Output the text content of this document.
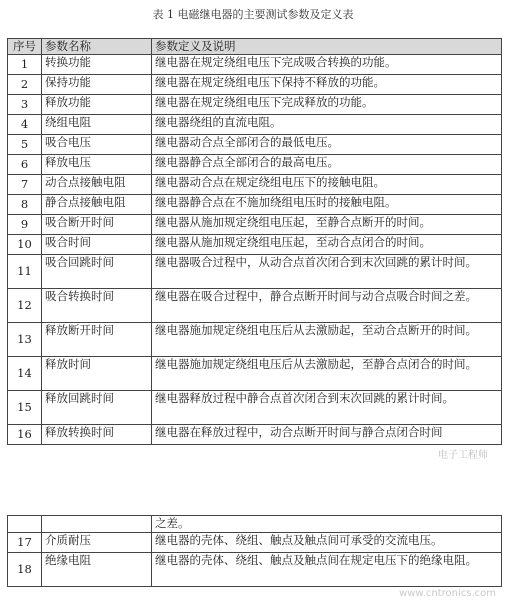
表 1 电磁继电器的主要测试参数及定义表
序号	参数名称	参数定义及说明
1	转换功能	继电器在规定绕组电压下完成吸合转换的功能。
2	保持功能	继电器在规定绕组电压下保持不释放的功能。
3	释放功能	继电器在规定绕组电压下完成释放的功能。
4	绕组电阻	继电器绕组的直流电阻。
5	吸合电压	继电器动合点全部闭合的最低电压。
6	释放电压	继电器静合点全部闭合的最高电压。
7	动合点接触电阻	继电器动合点在规定绕组电压下的接触电阻。
8	静合点接触电阻	继电器静合点在不施加绕组电压时的接触电阻。
9	吸合断开时间	继电器从施加规定绕组电压起，至静合点断开的时间。
10	吸合时间	继电器从施加规定绕组电压起，至动合点闭合的时间。
11	吸合回跳时间	继电器吸合过程中，从动合点首次闭合到末次回跳的累计时间。
12	吸合转换时间	继电器在吸合过程中，静合点断开时间与动合点吸合时间之差。
13	释放断开时间	继电器施加规定绕组电压后从去激励起，至动合点断开的时间。
14	释放时间	继电器施加规定绕组电压后从去激励起，至静合点闭合的时间。
15	释放回跳时间	继电器释放过程中静合点首次闭合到末次回跳的累计时间。
16	释放转换时间	继电器在释放过程中，动合点断开时间与静合点闭合时间
		之差。
17	介质耐压	继电器的壳体、绕组、触点及触点间可承受的交流电压。
18	绝缘电阻	继电器的壳体、绕组、触点及触点间在规定电压下的绝缘电阻。
电子工程师
www.cntronics.com
